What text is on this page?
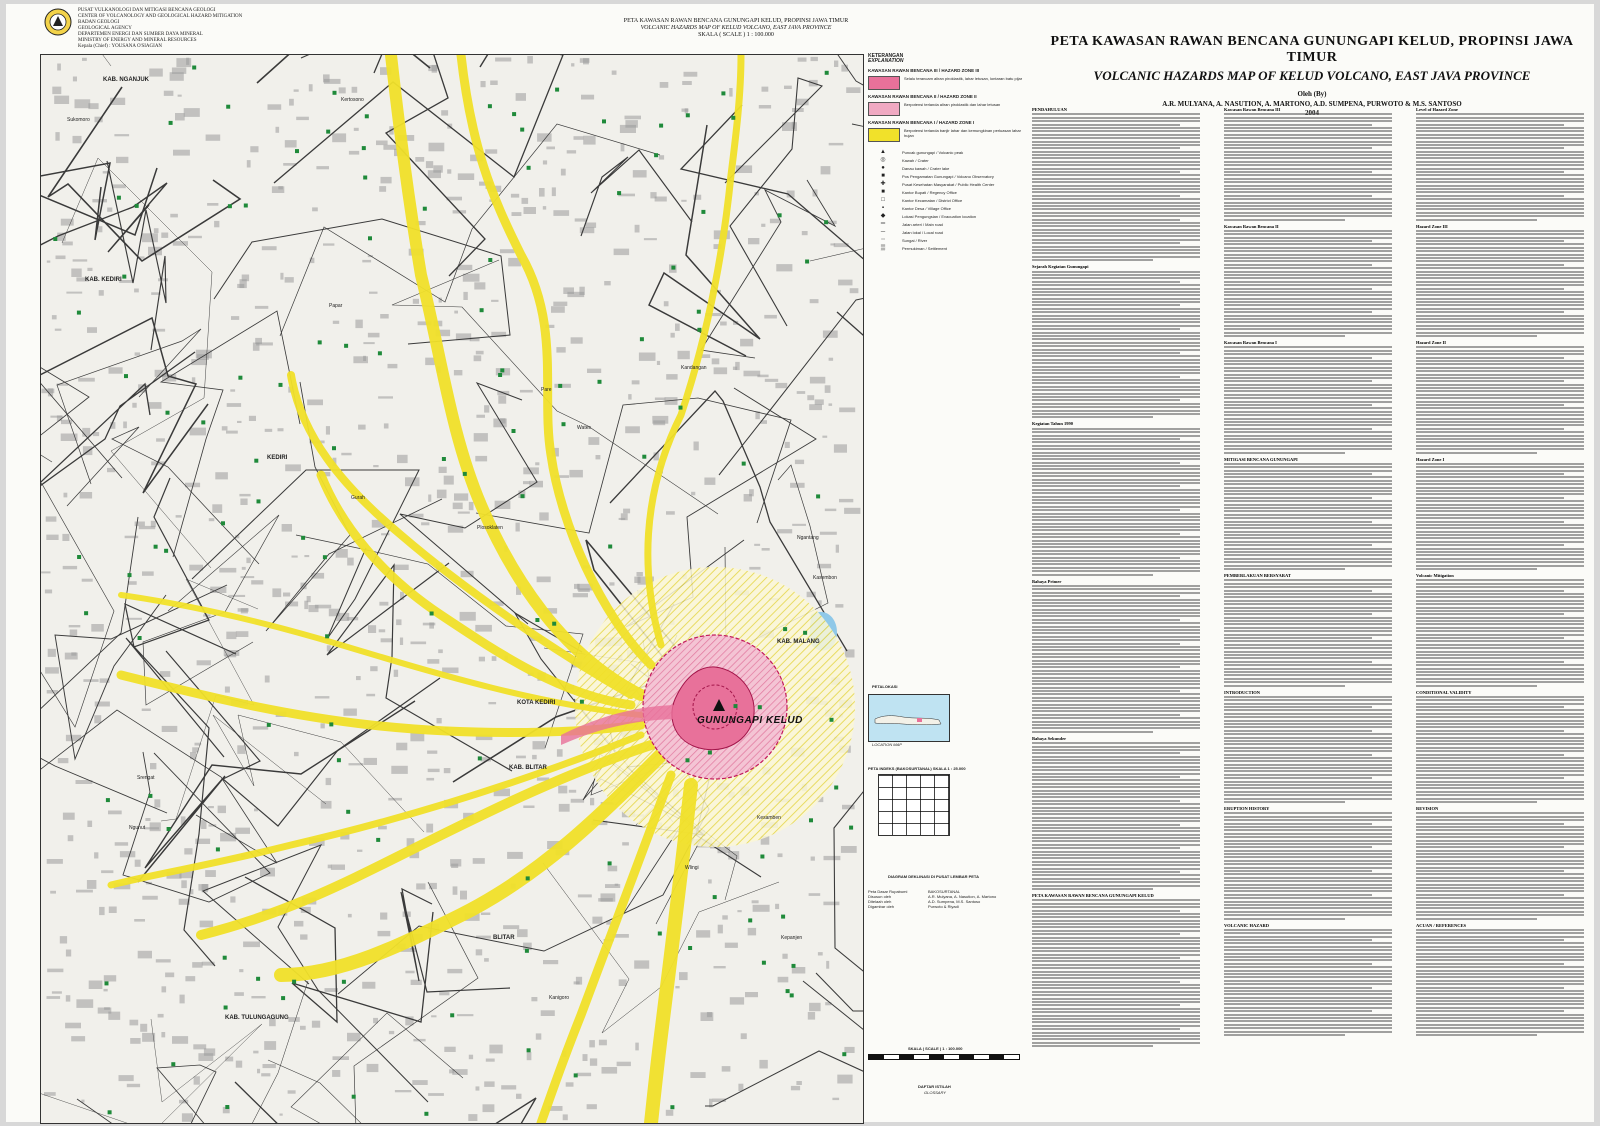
PUSAT VULKANOLOGI DAN MITIGASI BENCANA GEOLOGI
CENTER OF VOLCANOLOGY AND GEOLOGICAL HAZARD MITIGATION
BADAN GEOLOGI
GEOLOGICAL AGENCY
DEPARTEMEN ENERGI DAN SUMBER DAYA MINERAL
MINISTRY OF ENERGY AND MINERAL RESOURCES
Kepala (Chief) : YOUSANA O'SIAGIAN
PETA KAWASAN RAWAN BENCANA GUNUNGAPI KELUD, PROPINSI JAWA TIMUR
VOLCANIC HAZARDS MAP OF KELUD VOLCANO, EAST JAVA PROVINCE
SKALA ( SCALE ) 1 : 100.000
GUNUNGAPI KELUD
KAB. NGANJUK
Sukomoro
Kertosono
KAB. KEDIRI
Papar
Pare
Kandangan
KEDIRI
Gurah
Plosoklaten
Kasembon
Wates
Ngantang
KAB. MALANG
KOTA KEDIRI
KAB. BLITAR
Srengat
Ngunut
Wlingi
Kesamben
BLITAR
Kanigoro
Kepanjen
KAB. TULUNGAGUNG
KETERANGAN
EXPLANATION
KAWASAN RAWAN BENCANA III / HAZARD ZONE III
Selalu terancam aliran piroklastik, lahar letusan, lontaran batu pijar
KAWASAN RAWAN BENCANA II / HAZARD ZONE II
Berpotensi terlanda aliran piroklastik dan lahar letusan
KAWASAN RAWAN BENCANA I / HAZARD ZONE I
Berpotensi terlanda banjir lahar dan kemungkinan perluasan lahar hujan
▲	Puncak gunungapi / Volcanic peak
◎	Kawah / Crater
●	Danau kawah / Crater lake
■	Pos Pengamatan Gunungapi / Volcano Observatory
✚	Pusat Kesehatan Masyarakat / Public Health Center
■	Kantor Bupati / Regency Office
□	Kantor Kecamatan / District Office
▪	Kantor Desa / Village Office
◆	Lokasi Pengungsian / Evacuation location
═	Jalan arteri / Main road
─	Jalan lokal / Local road
┄	Sungai / River
▒	Permukiman / Settlement
PETALOKASI
LOCATION MAP
PETA INDEKS (BAKOSURTANAL) SKALA 1 : 25.000
DIAGRAM DEKLINASI DI PUSAT LEMBAR PETA
Peta Dasar Rupabumi	BAKOSURTANAL
Disusun oleh	A.R. Mulyana, A. Nasution, A. Martono
Ditelaah oleh	A.D. Sumpena, M.S. Santoso
Digambar oleh	Purwoto & Riyadi
SKALA ( SCALE ) 1 : 100.000
DAFTAR ISTILAH
GLOSSARY
PETA KAWASAN RAWAN BENCANA GUNUNGAPI KELUD, PROPINSI JAWA TIMUR
VOLCANIC HAZARDS MAP OF KELUD VOLCANO, EAST JAVA PROVINCE
Oleh (By)
A.R. MULYANA, A. NASUTION, A. MARTONO, A.D. SUMPENA, PURWOTO & M.S. SANTOSO
PENDAHULUAN
Sejarah Kegiatan Gunungapi
Kegiatan Tahun 1990
Bahaya Primer
Bahaya Sekunder
PETA KAWASAN RAWAN BENCANA GUNUNGAPI KELUD
Kawasan Rawan Bencana III
Kawasan Rawan Bencana II
Kawasan Rawan Bencana I
MITIGASI BENCANA GUNUNGAPI
PEMBERLAKUAN BERSYARAT
INTRODUCTION
ERUPTION HISTORY
VOLCANIC HAZARD
Level of Hazard Zone
Hazard Zone III
Hazard Zone II
Hazard Zone I
Volcanic Mitigation
CONDITIONAL VALIDITY
REVISION
ACUAN / REFERENCES
